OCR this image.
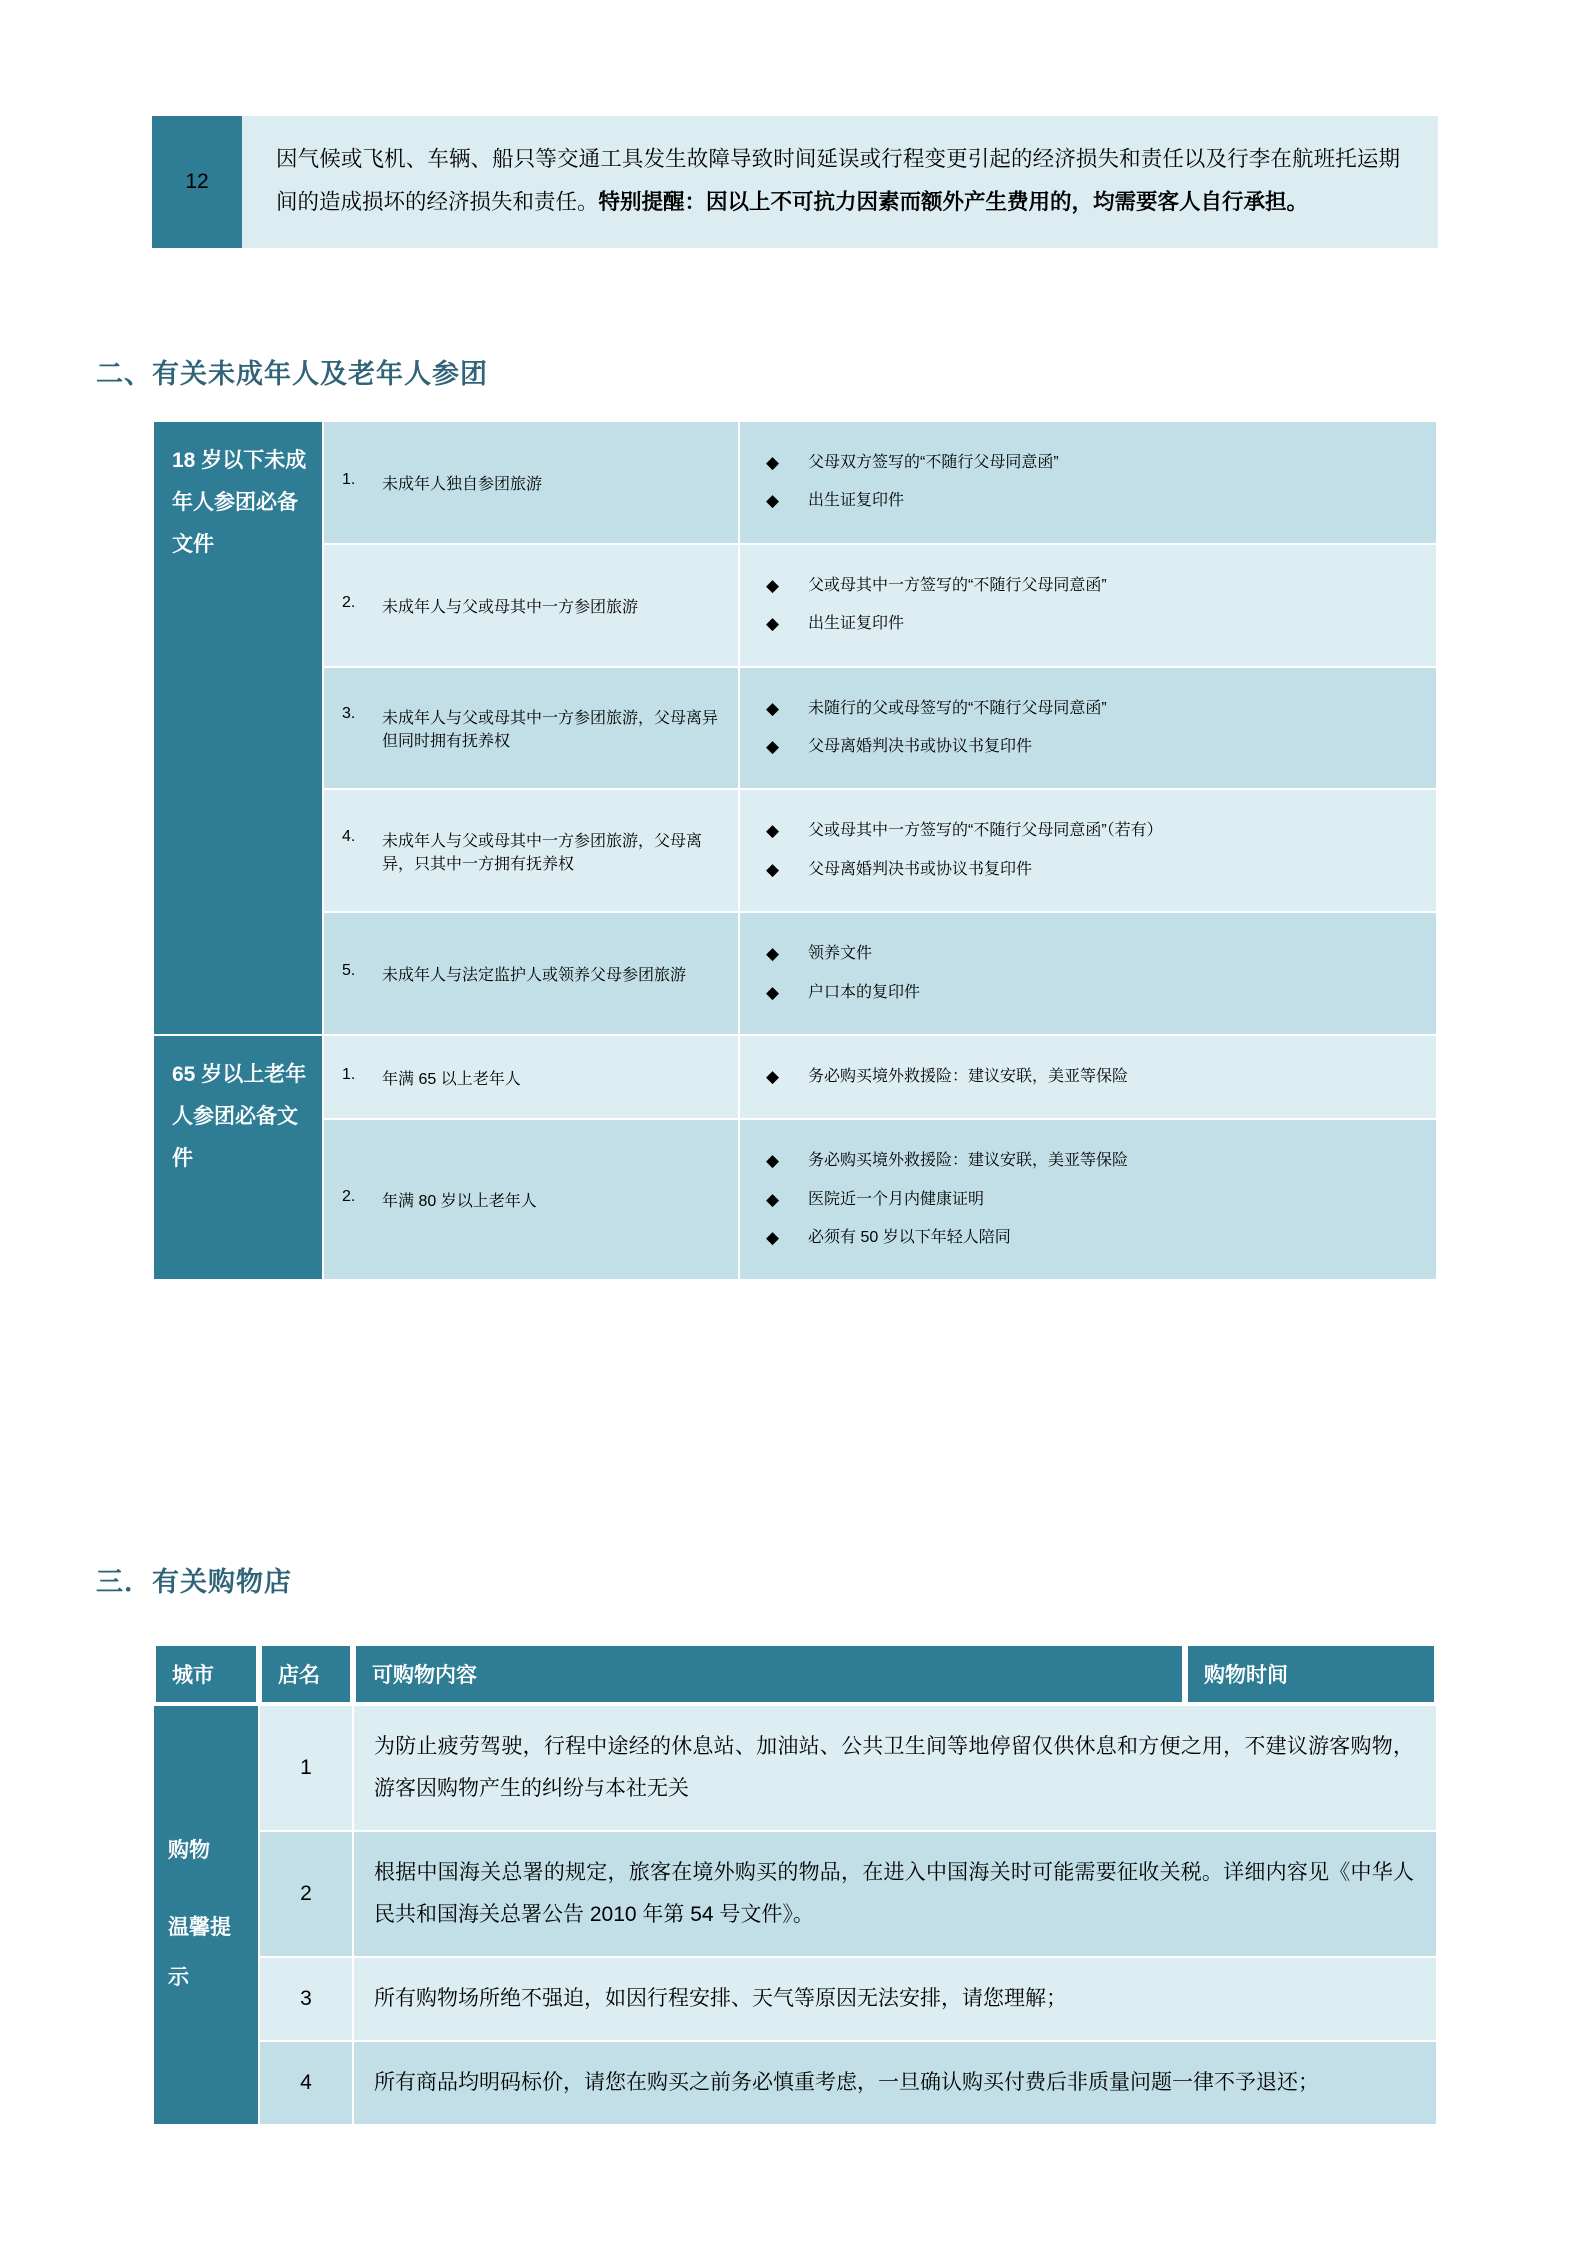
12
因气候或飞机、车辆、船只等交通工具发生故障导致时间延误或行程变更引起的经济损失和责任以及行李在航班托运期间的造成损坏的经济损失和责任。特别提醒：因以上不可抗力因素而额外产生费用的，均需要客人自行承担。
二、有关未成年人及老年人参团
18 岁以下未成年人参团必备文件	
1.	未成年人独自参团旅游

◆ 父母双方签写的“不随行父母同意函”
◆ 出生证复印件

2.	未成年人与父或母其中一方参团旅游

◆ 父或母其中一方签写的“不随行父母同意函”
◆ 出生证复印件

3.	未成年人与父或母其中一方参团旅游，父母离异但同时拥有抚养权

◆ 未随行的父或母签写的“不随行父母同意函”
◆ 父母离婚判决书或协议书复印件

4.	未成年人与父或母其中一方参团旅游，父母离异，只其中一方拥有抚养权

◆ 父或母其中一方签写的“不随行父母同意函”（若有）
◆ 父母离婚判决书或协议书复印件

5.	未成年人与法定监护人或领养父母参团旅游

◆ 领养文件
◆ 户口本的复印件

65 岁以上老年人参团必备文件	
1.	年满 65 以上老年人

◆务必购买境外救援险：建议安联，美亚等保险

2.	年满 80 岁以上老年人

◆ 务必购买境外救援险：建议安联，美亚等保险
◆ 医院近一个月内健康证明
◆ 必须有 50 岁以下年轻人陪同
三．有关购物店
城市	店名	可购物内容	购物时间

购物
温馨提示	1	为防止疲劳驾驶，行程中途经的休息站、加油站、公共卫生间等地停留仅供休息和方便之用，不建议游客购物，游客因购物产生的纠纷与本社无关	
	2	根据中国海关总署的规定，旅客在境外购买的物品，在进入中国海关时可能需要征收关税。详细内容见《中华人民共和国海关总署公告 2010 年第 54 号文件》。	
	3	所有购物场所绝不强迫，如因行程安排、天气等原因无法安排，请您理解；	
	4	所有商品均明码标价，请您在购买之前务必慎重考虑，一旦确认购买付费后非质量问题一律不予退还；	
